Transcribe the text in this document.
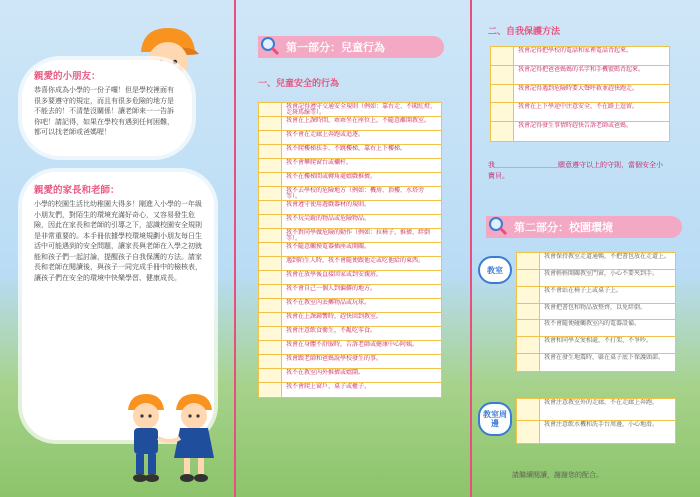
親愛的小朋友：
恭喜你成為小學的一份子囉！但是學校裡面有很多要遵守的規定，而且有很多危險的地方是不能去的！不清楚沒關係！讓老師來一一告訴你吧！請記得，如果在學校有遇到任何困難，都可以找老師或爸媽喔！
親愛的家長和老師：
小學的校園生活比幼稚園大得多！剛進入小學的一年級小朋友們，對陌生的環境充滿好奇心，又容易發生危險，因此在家長和老師的引導之下，認識校園安全規則是非常重要的。本手冊依據學校環境規劃小朋友每日生活中可能遇到的安全問題，讓家長與老師在入學之初就能和孩子們一起討論，提醒孩子自我保護的方法。請家長和老師在閱讀後，與孩子一同完成手冊中的檢核表，讓孩子們在安全的環境中快樂學習、健康成長。
第一部分：兒童行為
一、兒童安全的行為
我會記得遵守交通安全規則（例如：靠右走、不闖紅燈、走斑馬線等）。
我會在上課時間，乖乖坐在座位上，不隨意離開教室。
我不會在走廊上奔跑或追逐。
我不爬樓梯扶手、不跳樓梯，靠右上下樓梯。
我不會攀爬窗台或欄杆。
我不在樓梯間或轉角處嬉戲推擠。
我不去學校的危險地方（例如：機房、頂樓、水塔旁等）。
我會遵守使用遊戲器材的規則。
我不玩尖銳的物品或危險物品。
我不對同學做危險的動作（例如：拉椅子、推擠、絆倒等）。
我不隨意觸摸電器插座或開關。
遇到陌生人時，我不會隨便跟他走或吃他給的東西。
我會在放學後直接回家或到安親班。
我不會自己一個人到偏僻的地方。
我不在教室內丟擲物品或玩球。
我會在上課鐘響時，趕快回到教室。
我會注意飲食衛生，不亂吃零食。
我會在身體不舒服時，告訴老師或健康中心阿姨。
我會跟老師和爸媽說學校發生的事。
我不在教室內外推擠或嬉鬧。
我不會爬上窗戶、桌子或櫃子。
二、自我保護方法
我會記得把學校的電話和家裡電話背起來。
我會記得把爸爸媽媽的名字和手機號碼背起來。
我會記得遇到危險時要大聲呼救並趕快跑走。
我會在上下學途中注意安全，不在路上逗留。
我會記得發生事情時趕快告訴老師或爸媽。
我＿＿＿＿＿＿＿＿＿願意遵守以上的守則，當個安全小寶貝。
第二部分：校園環境
教室
我會保持教室走道通暢，不把書包放在走道上。
我會輕輕開關教室門窗，小心不要夾到手。
我不會站在椅子上或桌子上。
我會把書包和物品放整齊，以免絆倒。
我不會隨便碰觸教室內的電器設備。
我會和同學友愛相處，不打架、不爭吵。
我會在發生地震時，躲在桌子底下保護頭部。
教室周邊
我會注意教室外的走廊，不在走廊上奔跑。
我會注意飲水機和洗手台周邊，小心地滑。
請繼續閱讀，謝謝您的配合。
